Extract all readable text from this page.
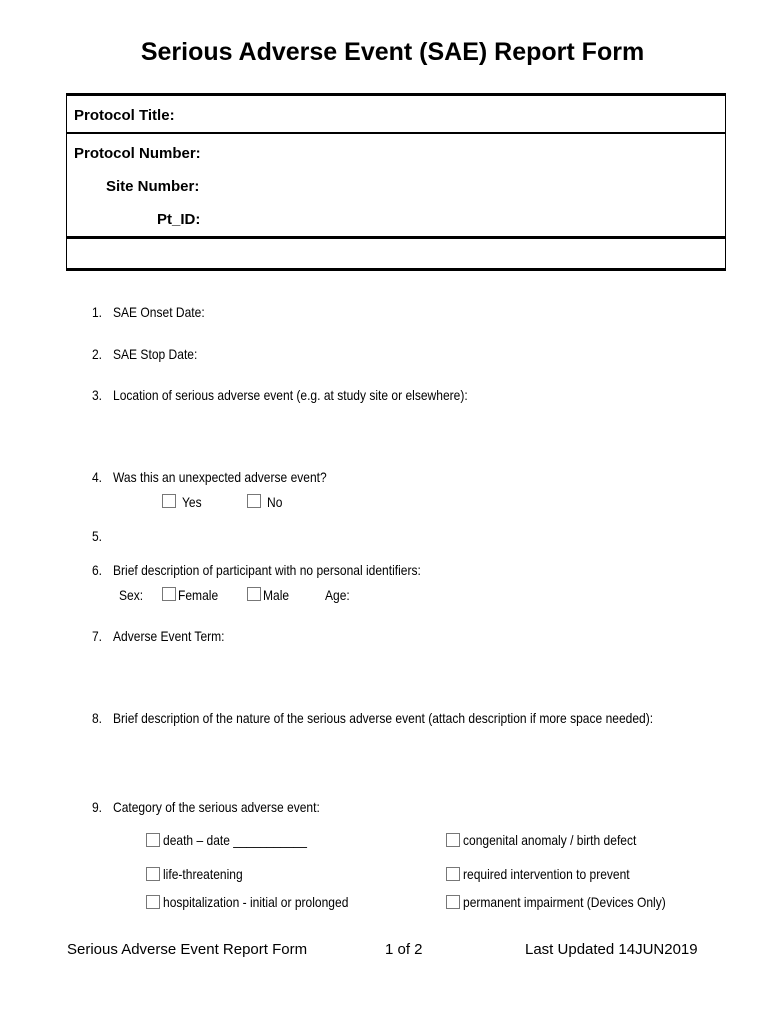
Serious Adverse Event (SAE) Report Form
Protocol Title:
Protocol Number:
Site Number:
Pt_ID:
1. SAE Onset Date:
2. SAE Stop Date:
3. Location of serious adverse event (e.g. at study site or elsewhere):
4. Was this an unexpected adverse event?
Yes	No
5.
6. Brief description of participant with no personal identifiers:
Sex: Female	Male	Age:
7. Adverse Event Term:
8. Brief description of the nature of the serious adverse event (attach description if more space needed):
9. Category of the serious adverse event:
death – date ___________	congenital anomaly / birth defect
life-threatening	required intervention to prevent
hospitalization - initial or prolonged	permanent impairment (Devices Only)
Serious Adverse Event Report Form	1 of 2	Last Updated 14JUN2019
